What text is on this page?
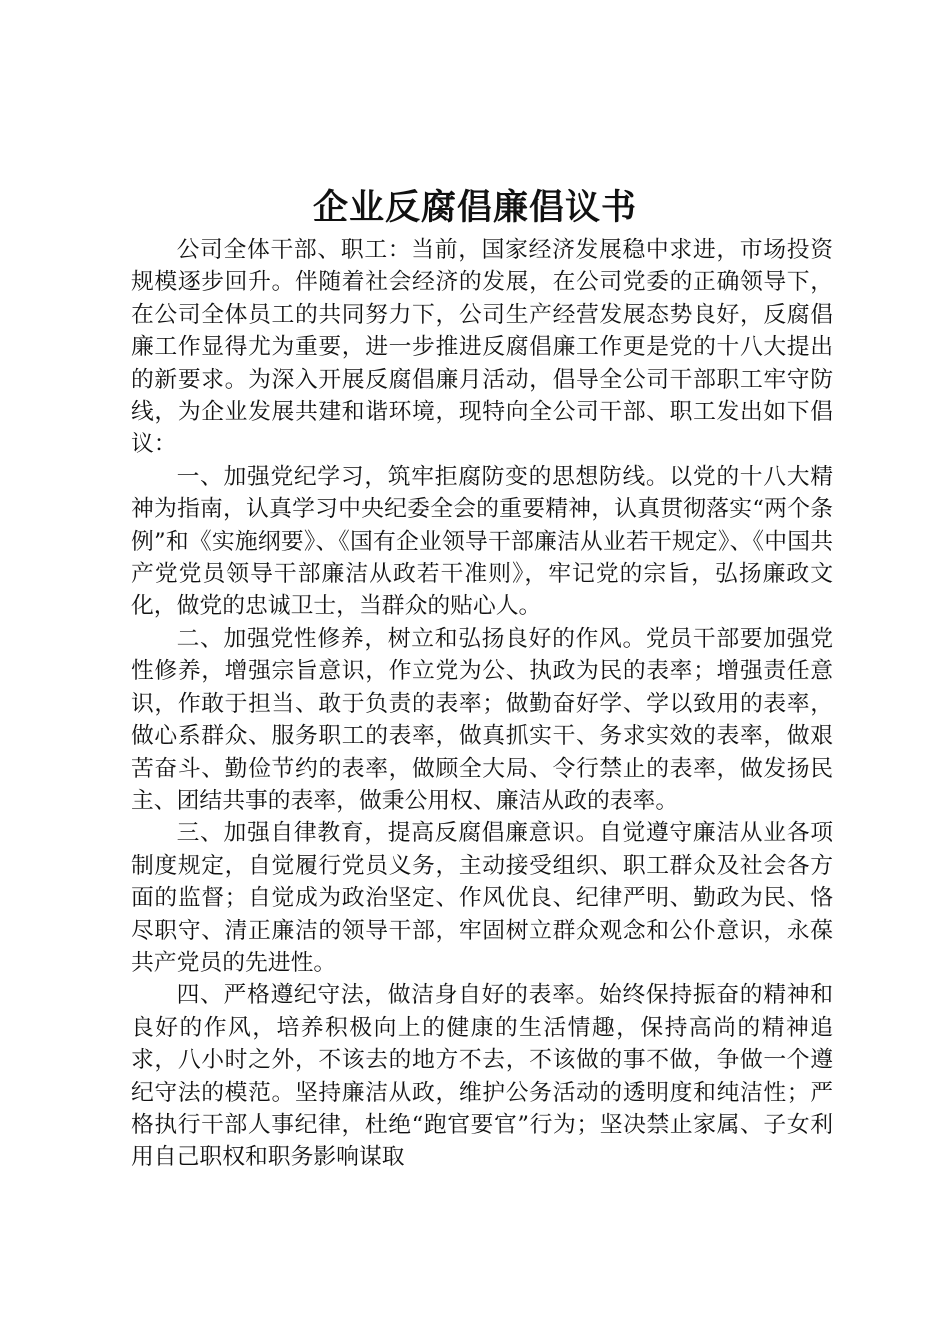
企业反腐倡廉倡议书

公司全体干部、职工：当前，国家经济发展稳中求进，市场投资规模逐步回升。伴随着社会经济的发展，在公司党委的正确领导下，在公司全体员工的共同努力下，公司生产经营发展态势良好，反腐倡廉工作显得尤为重要，进一步推进反腐倡廉工作更是党的十八大提出的新要求。为深入开展反腐倡廉月活动，倡导全公司干部职工牢守防线，为企业发展共建和谐环境，现特向全公司干部、职工发出如下倡议：

一、加强党纪学习，筑牢拒腐防变的思想防线。以党的十八大精神为指南，认真学习中央纪委全会的重要精神，认真贯彻落实“两个条例”和《实施纲要》、《国有企业领导干部廉洁从业若干规定》、《中国共产党党员领导干部廉洁从政若干准则》，牢记党的宗旨，弘扬廉政文化，做党的忠诚卫士，当群众的贴心人。

二、加强党性修养，树立和弘扬良好的作风。党员干部要加强党性修养，增强宗旨意识，作立党为公、执政为民的表率；增强责任意识，作敢于担当、敢于负责的表率；做勤奋好学、学以致用的表率，做心系群众、服务职工的表率，做真抓实干、务求实效的表率，做艰苦奋斗、勤俭节约的表率，做顾全大局、令行禁止的表率，做发扬民主、团结共事的表率，做秉公用权、廉洁从政的表率。

三、加强自律教育，提高反腐倡廉意识。自觉遵守廉洁从业各项制度规定，自觉履行党员义务，主动接受组织、职工群众及社会各方面的监督；自觉成为政治坚定、作风优良、纪律严明、勤政为民、恪尽职守、清正廉洁的领导干部，牢固树立群众观念和公仆意识，永葆共产党员的先进性。

四、严格遵纪守法，做洁身自好的表率。始终保持振奋的精神和良好的作风，培养积极向上的健康的生活情趣，保持高尚的精神追求，八小时之外，不该去的地方不去，不该做的事不做，争做一个遵纪守法的模范。坚持廉洁从政，维护公务活动的透明度和纯洁性；严格执行干部人事纪律，杜绝“跑官要官”行为；坚决禁止家属、子女利用自己职权和职务影响谋取
